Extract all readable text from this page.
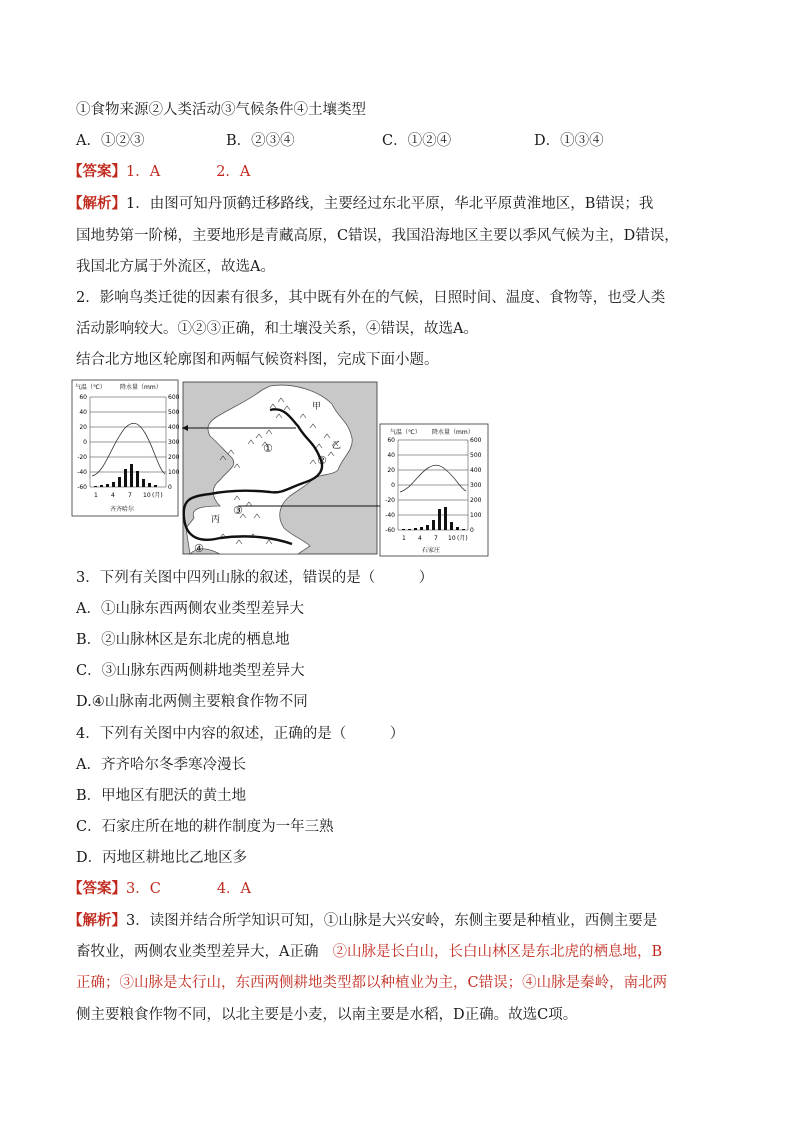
①食物来源②人类活动③气候条件④土壤类型
A．①②③	B．②③④	C．①②④	D．①③④
【答案】1．A	2．A
【解析】1．由图可知丹顶鹤迁移路线，主要经过东北平原，华北平原黄淮地区，B错误；我
国地势第一阶梯，主要地形是青藏高原，C错误，我国沿海地区主要以季风气候为主，D错误，
我国北方属于外流区，故选A。
2．影响鸟类迁徙的因素有很多，其中既有外在的气候，日照时间、温度、食物等，也受人类
活动影响较大。①②③正确，和土壤没关系，④错误，故选A。
结合北方地区轮廓图和两幅气候资料图，完成下面小题。
气温（℃） 降水量（mm）
60
40
20
0
-20
-40
-60
600
500
400
300
200
100
0
1 4 7 10 (月)
齐齐哈尔
甲
乙
丙
①
②
③
④
气温（℃） 降水量（mm）
60
40
20
0
-20
-40
-60
600
500
400
300
200
100
0
1 4 7 10 (月)
石家庄
3．下列有关图中四列山脉的叙述，错误的是（　　　）
A．①山脉东西两侧农业类型差异大
B．②山脉林区是东北虎的栖息地
C．③山脉东西两侧耕地类型差异大
D.④山脉南北两侧主要粮食作物不同
4．下列有关图中内容的叙述，正确的是（　　　）
A．齐齐哈尔冬季寒冷漫长
B．甲地区有肥沃的黄土地
C．石家庄所在地的耕作制度为一年三熟
D．丙地区耕地比乙地区多
【答案】3．C	4．A
【解析】3．读图并结合所学知识可知，①山脉是大兴安岭，东侧主要是种植业，西侧主要是
畜牧业，两侧农业类型差异大，A正确 ②山脉是长白山，长白山林区是东北虎的栖息地，B
正确；③山脉是太行山，东西两侧耕地类型都以种植业为主，C错误；④山脉是秦岭，南北两
侧主要粮食作物不同，以北主要是小麦，以南主要是水稻，D正确。故选C项。
